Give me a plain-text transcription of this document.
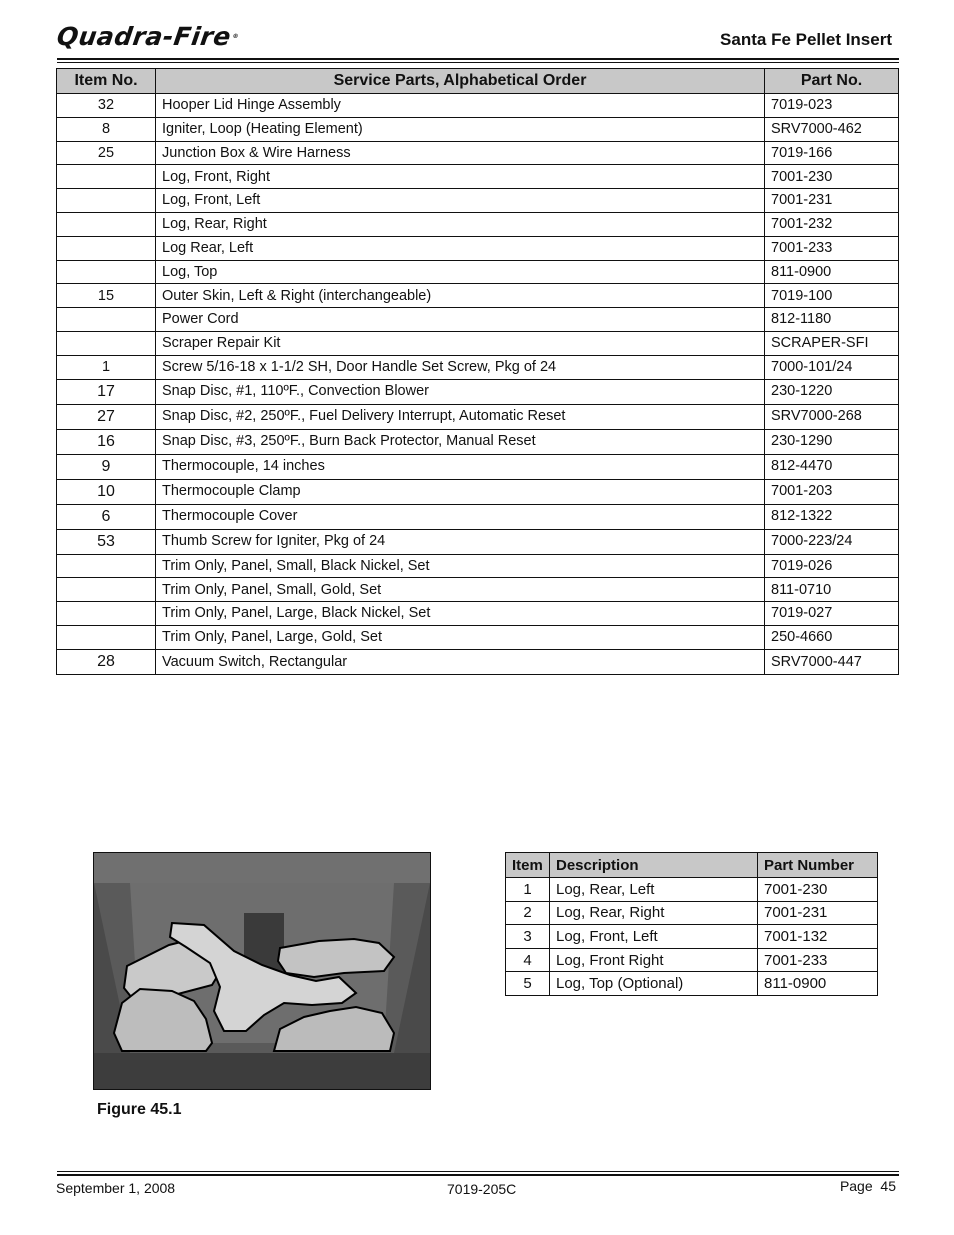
Quadra-Fire
®	Santa Fe Pellet Insert
Item No.	Service Parts, Alphabetical Order	Part No.
32	Hooper Lid Hinge Assembly	7019-023
8	Igniter, Loop (Heating Element)	SRV7000-462
25	Junction Box & Wire Harness	7019-166
	Log, Front, Right	7001-230
	Log, Front, Left	7001-231
	Log, Rear, Right	7001-232
	Log Rear, Left	7001-233
	Log, Top	811-0900
15	Outer Skin, Left & Right (interchangeable)	7019-100
	Power Cord	812-1180
	Scraper Repair Kit	SCRAPER-SFI
1	Screw 5/16-18 x 1-1/2 SH, Door Handle Set Screw, Pkg of 24	7000-101/24
17	Snap Disc, #1, 110ºF., Convection Blower	230-1220
27	Snap Disc, #2, 250ºF., Fuel Delivery Interrupt, Automatic Reset	SRV7000-268
16	Snap Disc, #3, 250ºF., Burn Back Protector, Manual Reset	230-1290
9	Thermocouple, 14 inches	812-4470
10	Thermocouple Clamp	7001-203
6	Thermocouple Cover	812-1322
53	Thumb Screw for Igniter, Pkg of 24	7000-223/24
	Trim Only, Panel, Small, Black Nickel, Set	7019-026
	Trim Only, Panel, Small, Gold, Set	811-0710
	Trim Only, Panel, Large, Black Nickel, Set	7019-027
	Trim Only, Panel, Large, Gold, Set	250-4660
28	Vacuum Switch, Rectangular	SRV7000-447
Figure 45.1
Item	Description	Part Number
1	Log, Rear, Left	7001-230
2	Log, Rear, Right	7001-231
3	Log, Front, Left	7001-132
4	Log, Front Right	7001-233
5	Log, Top (Optional)	811-0900
September 1, 2008	7019-205C	Page  45
